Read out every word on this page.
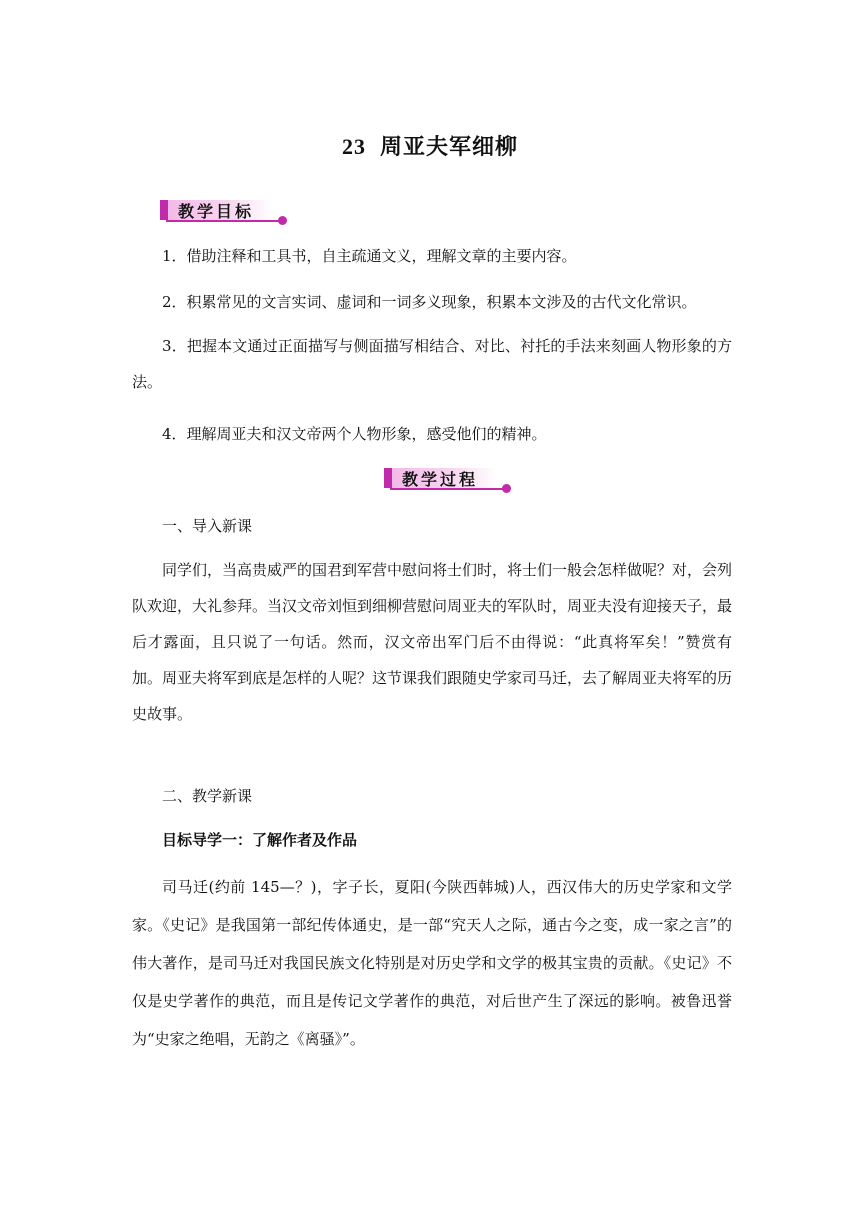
23 周亚夫军细柳
教学目标
1．借助注释和工具书，自主疏通文义，理解文章的主要内容。
2．积累常见的文言实词、虚词和一词多义现象，积累本文涉及的古代文化常识。
3．把握本文通过正面描写与侧面描写相结合、对比、衬托的手法来刻画人物形象的方法。
4．理解周亚夫和汉文帝两个人物形象，感受他们的精神。
教学过程
一、导入新课
同学们，当高贵威严的国君到军营中慰问将士们时，将士们一般会怎样做呢？对，会列队欢迎，大礼参拜。当汉文帝刘恒到细柳营慰问周亚夫的军队时，周亚夫没有迎接天子，最后才露面，且只说了一句话。然而，汉文帝出军门后不由得说：“此真将军矣！”赞赏有加。周亚夫将军到底是怎样的人呢？这节课我们跟随史学家司马迁，去了解周亚夫将军的历史故事。
二、教学新课
目标导学一：了解作者及作品
司马迁(约前 145—？)，字子长，夏阳(今陕西韩城)人，西汉伟大的历史学家和文学家。《史记》是我国第一部纪传体通史，是一部“究天人之际，通古今之变，成一家之言”的伟大著作，是司马迁对我国民族文化特别是对历史学和文学的极其宝贵的贡献。《史记》不仅是史学著作的典范，而且是传记文学著作的典范，对后世产生了深远的影响。被鲁迅誉为“史家之绝唱，无韵之《离骚》”。
